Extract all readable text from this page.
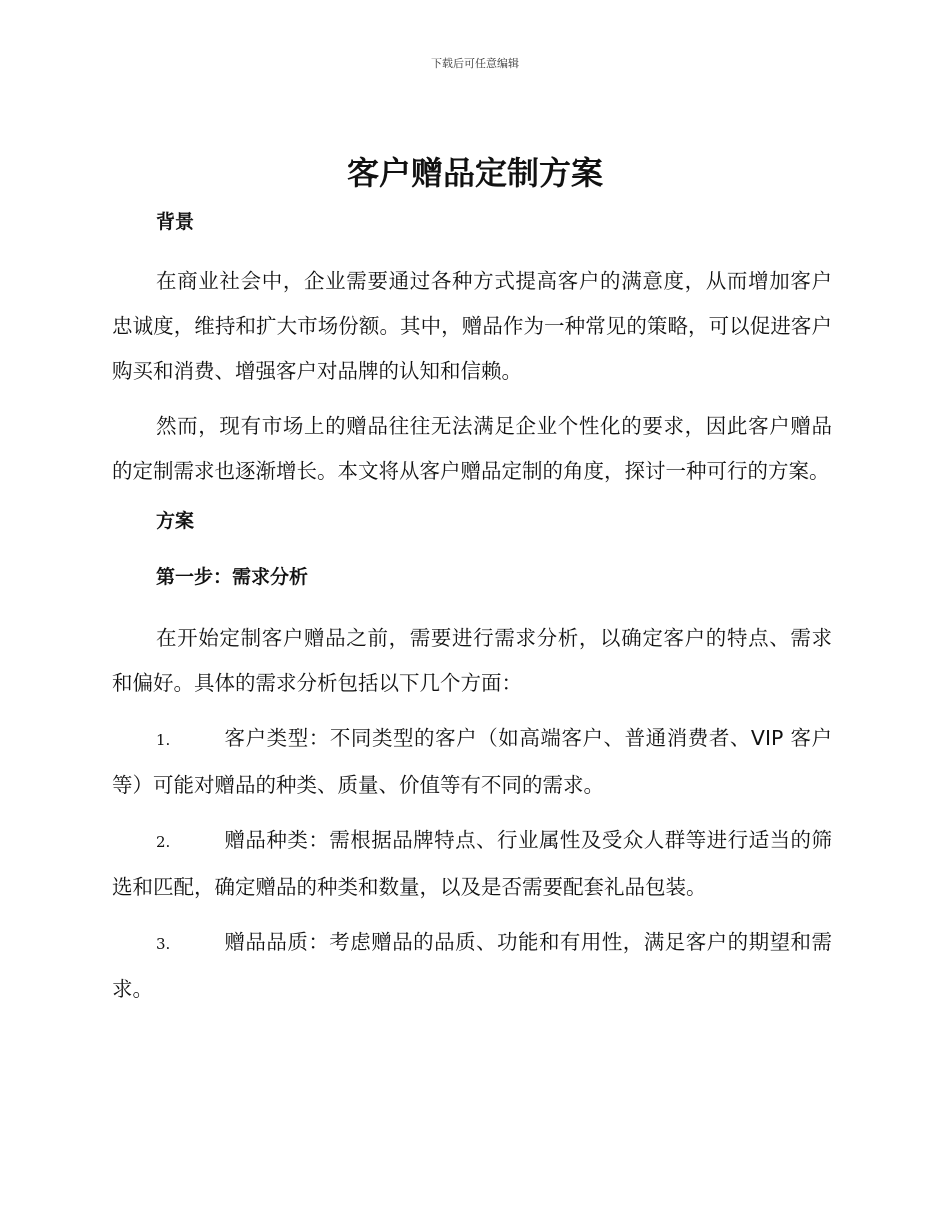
下载后可任意编辑
客户赠品定制方案
背景

在商业社会中，企业需要通过各种方式提高客户的满意度，从而增加客户忠诚度，维持和扩大市场份额。其中，赠品作为一种常见的策略，可以促进客户购买和消费、增强客户对品牌的认知和信赖。

然而，现有市场上的赠品往往无法满足企业个性化的要求，因此客户赠品的定制需求也逐渐增长。本文将从客户赠品定制的角度，探讨一种可行的方案。

方案
第一步：需求分析

在开始定制客户赠品之前，需要进行需求分析，以确定客户的特点、需求和偏好。具体的需求分析包括以下几个方面：

1.	客户类型：不同类型的客户（如高端客户、普通消费者、VIP 客户等）可能对赠品的种类、质量、价值等有不同的需求。
2.	赠品种类：需根据品牌特点、行业属性及受众人群等进行适当的筛选和匹配，确定赠品的种类和数量，以及是否需要配套礼品包装。
3.	赠品品质：考虑赠品的品质、功能和有用性，满足客户的期望和需求。
